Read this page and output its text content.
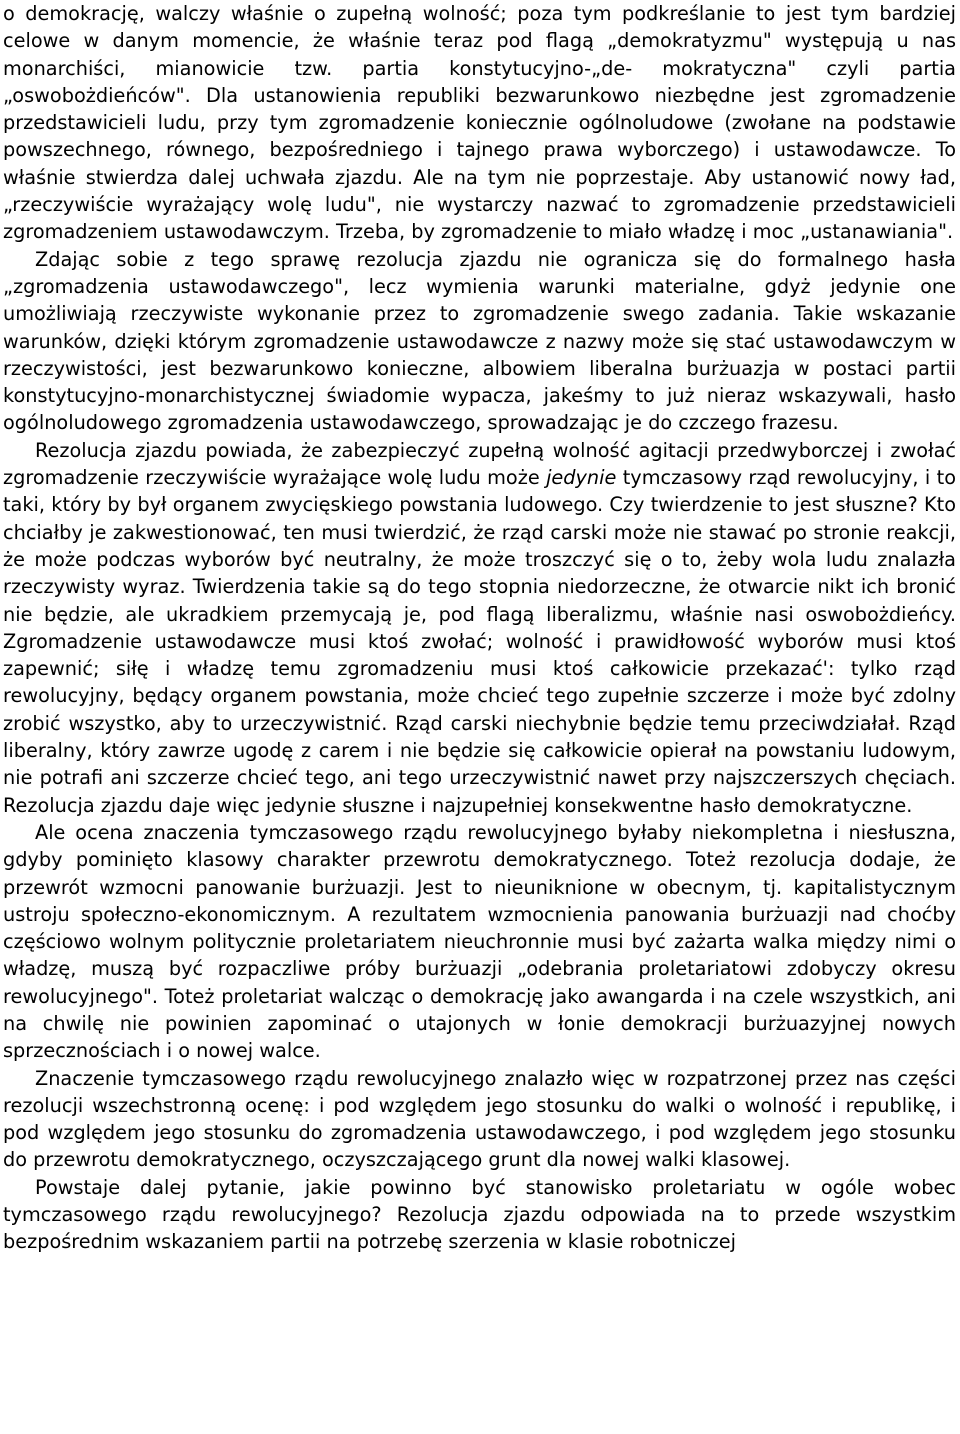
o demokrację, walczy właśnie o zupełną wolność; poza tym podkreślanie to jest tym bardziej celowe w danym momencie, że właśnie teraz pod flagą „demokratyzmu" występują u nas monarchiści, mianowicie tzw. partia konstytucyjno-„de- mokratyczna" czyli partia „oswobożdieńców". Dla ustanowienia republiki bezwarunkowo niezbędne jest zgromadzenie przedstawicieli ludu, przy tym zgromadzenie koniecznie ogólnoludowe (zwołane na podstawie powszechnego, równego, bezpośredniego i tajnego prawa wyborczego) i ustawodawcze. To właśnie stwierdza dalej uchwała zjazdu. Ale na tym nie poprzestaje. Aby ustanowić nowy ład, „rzeczywiście wyrażający wolę ludu", nie wystarczy nazwać to zgromadzenie przedstawicieli zgromadzeniem ustawodawczym. Trzeba, by zgromadzenie to miało władzę i moc „ustanawiania".

Zdając sobie z tego sprawę rezolucja zjazdu nie ogranicza się do formalnego hasła „zgromadzenia ustawodawczego", lecz wymienia warunki materialne, gdyż jedynie one umożliwiają rzeczywiste wykonanie przez to zgromadzenie swego zadania. Takie wskazanie warunków, dzięki którym zgromadzenie ustawodawcze z nazwy może się stać ustawodawczym w rzeczywistości, jest bezwarunkowo konieczne, albowiem liberalna burżuazja w postaci partii konstytucyjno-monarchistycznej świadomie wypacza, jakeśmy to już nieraz wskazywali, hasło ogólnoludowego zgromadzenia ustawodawczego, sprowadzając je do czczego frazesu.

Rezolucja zjazdu powiada, że zabezpieczyć zupełną wolność agitacji przedwyborczej i zwołać zgromadzenie rzeczywiście wyrażające wolę ludu może jedynie tymczasowy rząd rewolucyjny, i to taki, który by był organem zwycięskiego powstania ludowego. Czy twierdzenie to jest słuszne? Kto chciałby je zakwestionować, ten musi twierdzić, że rząd carski może nie stawać po stronie reakcji, że może podczas wyborów być neutralny, że może troszczyć się o to, żeby wola ludu znalazła rzeczywisty wyraz. Twierdzenia takie są do tego stopnia niedorzeczne, że otwarcie nikt ich bronić nie będzie, ale ukradkiem przemycają je, pod flagą liberalizmu, właśnie nasi oswobożdieńcy. Zgromadzenie ustawodawcze musi ktoś zwołać; wolność i prawidłowość wyborów musi ktoś zapewnić; siłę i władzę temu zgromadzeniu musi ktoś całkowicie przekazać': tylko rząd rewolucyjny, będący organem powstania, może chcieć tego zupełnie szczerze i może być zdolny zrobić wszystko, aby to urzeczywistnić. Rząd carski niechybnie będzie temu przeciwdziałał. Rząd liberalny, który zawrze ugodę z carem i nie będzie się całkowicie opierał na powstaniu ludowym, nie potrafi ani szczerze chcieć tego, ani tego urzeczywistnić nawet przy najszczerszych chęciach. Rezolucja zjazdu daje więc jedynie słuszne i najzupełniej konsekwentne hasło demokratyczne.

Ale ocena znaczenia tymczasowego rządu rewolucyjnego byłaby niekompletna i niesłuszna, gdyby pominięto klasowy charakter przewrotu demokratycznego. Toteż rezolucja dodaje, że przewrót wzmocni panowanie burżuazji. Jest to nieuniknione w obecnym, tj. kapitalistycznym ustroju społeczno-ekonomicznym. A rezultatem wzmocnienia panowania burżuazji nad choćby częściowo wolnym politycznie proletariatem nieuchronnie musi być zażarta walka między nimi o władzę, muszą być rozpaczliwe próby burżuazji „odebrania proletariatowi zdobyczy okresu rewolucyjnego". Toteż proletariat walcząc o demokrację jako awangarda i na czele wszystkich, ani na chwilę nie powinien zapominać o utajonych w łonie demokracji burżuazyjnej nowych sprzecznościach i o nowej walce.

Znaczenie tymczasowego rządu rewolucyjnego znalazło więc w rozpatrzonej przez nas części rezolucji wszechstronną ocenę: i pod względem jego stosunku do walki o wolność i republikę, i pod względem jego stosunku do zgromadzenia ustawodawczego, i pod względem jego stosunku do przewrotu demokratycznego, oczyszczającego grunt dla nowej walki klasowej.

Powstaje dalej pytanie, jakie powinno być stanowisko proletariatu w ogóle wobec tymczasowego rządu rewolucyjnego? Rezolucja zjazdu odpowiada na to przede wszystkim bezpośrednim wskazaniem partii na potrzebę szerzenia w klasie robotniczej
